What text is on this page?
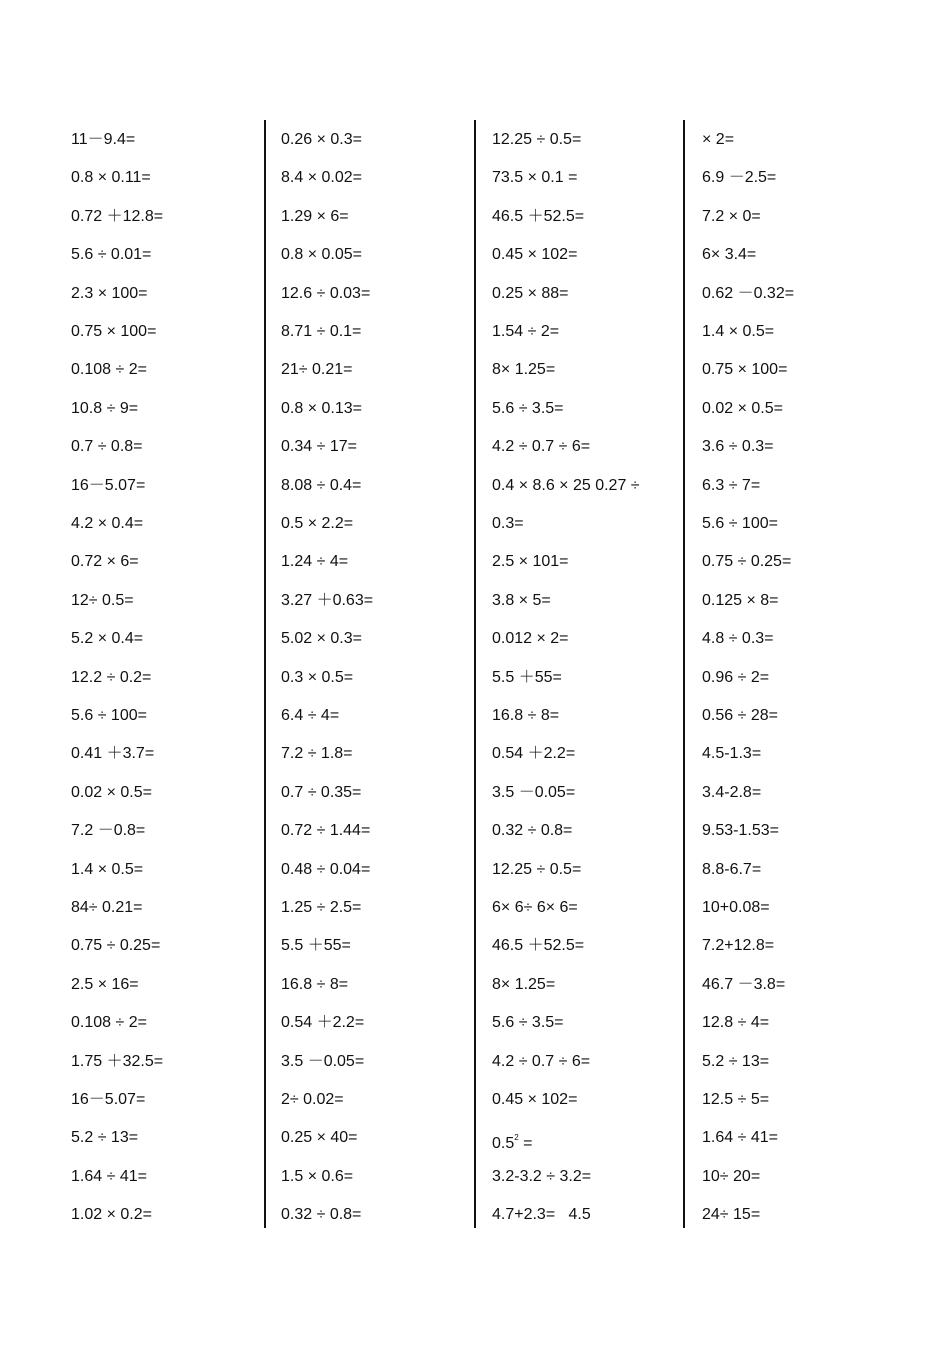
11－9.4=
0.8 × 0.11=
0.72 ＋12.8=
5.6 ÷ 0.01=
2.3 × 100=
0.75 × 100=
0.108 ÷ 2=
10.8 ÷ 9=
0.7 ÷ 0.8=
16－5.07=
4.2 × 0.4=
0.72 × 6=
12÷ 0.5=
5.2 × 0.4=
12.2 ÷ 0.2=
5.6 ÷ 100=
0.41 ＋3.7=
0.02 × 0.5=
7.2 －0.8=
1.4 × 0.5=
84÷ 0.21=
0.75 ÷ 0.25=
2.5 × 16=
0.108 ÷ 2=
1.75 ＋32.5=
16－5.07=
5.2 ÷ 13=
1.64 ÷ 41=
1.02 × 0.2=
0.26 × 0.3=
8.4 × 0.02=
1.29 × 6=
0.8 × 0.05=
12.6 ÷ 0.03=
8.71 ÷ 0.1=
21÷ 0.21=
0.8 × 0.13=
0.34 ÷ 17=
8.08 ÷ 0.4=
0.5 × 2.2=
1.24 ÷ 4=
3.27 ＋0.63=
5.02 × 0.3=
0.3 × 0.5=
6.4 ÷ 4=
7.2 ÷ 1.8=
0.7 ÷ 0.35=
0.72 ÷ 1.44=
0.48 ÷ 0.04=
1.25 ÷ 2.5=
5.5 ＋55=
16.8 ÷ 8=
0.54 ＋2.2=
3.5 －0.05=
2÷ 0.02=
0.25 × 40=
1.5 × 0.6=
0.32 ÷ 0.8=
12.25 ÷ 0.5=
73.5 × 0.1 =
46.5 ＋52.5=
0.45 × 102=
0.25 × 88=
1.54 ÷ 2=
8× 1.25=
5.6 ÷ 3.5=
4.2 ÷ 0.7 ÷ 6=
0.4 × 8.6 × 25 0.27 ÷
0.3=
2.5 × 101=
3.8 × 5=
0.012 × 2=
5.5 ＋55=
16.8 ÷ 8=
0.54 ＋2.2=
3.5 －0.05=
0.32 ÷ 0.8=
12.25 ÷ 0.5=
6× 6÷ 6× 6=
46.5 ＋52.5=
8× 1.25=
5.6 ÷ 3.5=
4.2 ÷ 0.7 ÷ 6=
0.45 × 102=
$0.5^2$ =
3.2-3.2 ÷ 3.2=
4.7+2.3=   4.5
× 2=
6.9 －2.5=
7.2 × 0=
6× 3.4=
0.62 －0.32=
1.4 × 0.5=
0.75 × 100=
0.02 × 0.5=
3.6 ÷ 0.3=
6.3 ÷ 7=
5.6 ÷ 100=
0.75 ÷ 0.25=
0.125 × 8=
4.8 ÷ 0.3=
0.96 ÷ 2=
0.56 ÷ 28=
4.5-1.3=
3.4-2.8=
9.53-1.53=
8.8-6.7=
10+0.08=
7.2+12.8=
46.7 －3.8=
12.8 ÷ 4=
5.2 ÷ 13=
12.5 ÷ 5=
1.64 ÷ 41=
10÷ 20=
24÷ 15=
